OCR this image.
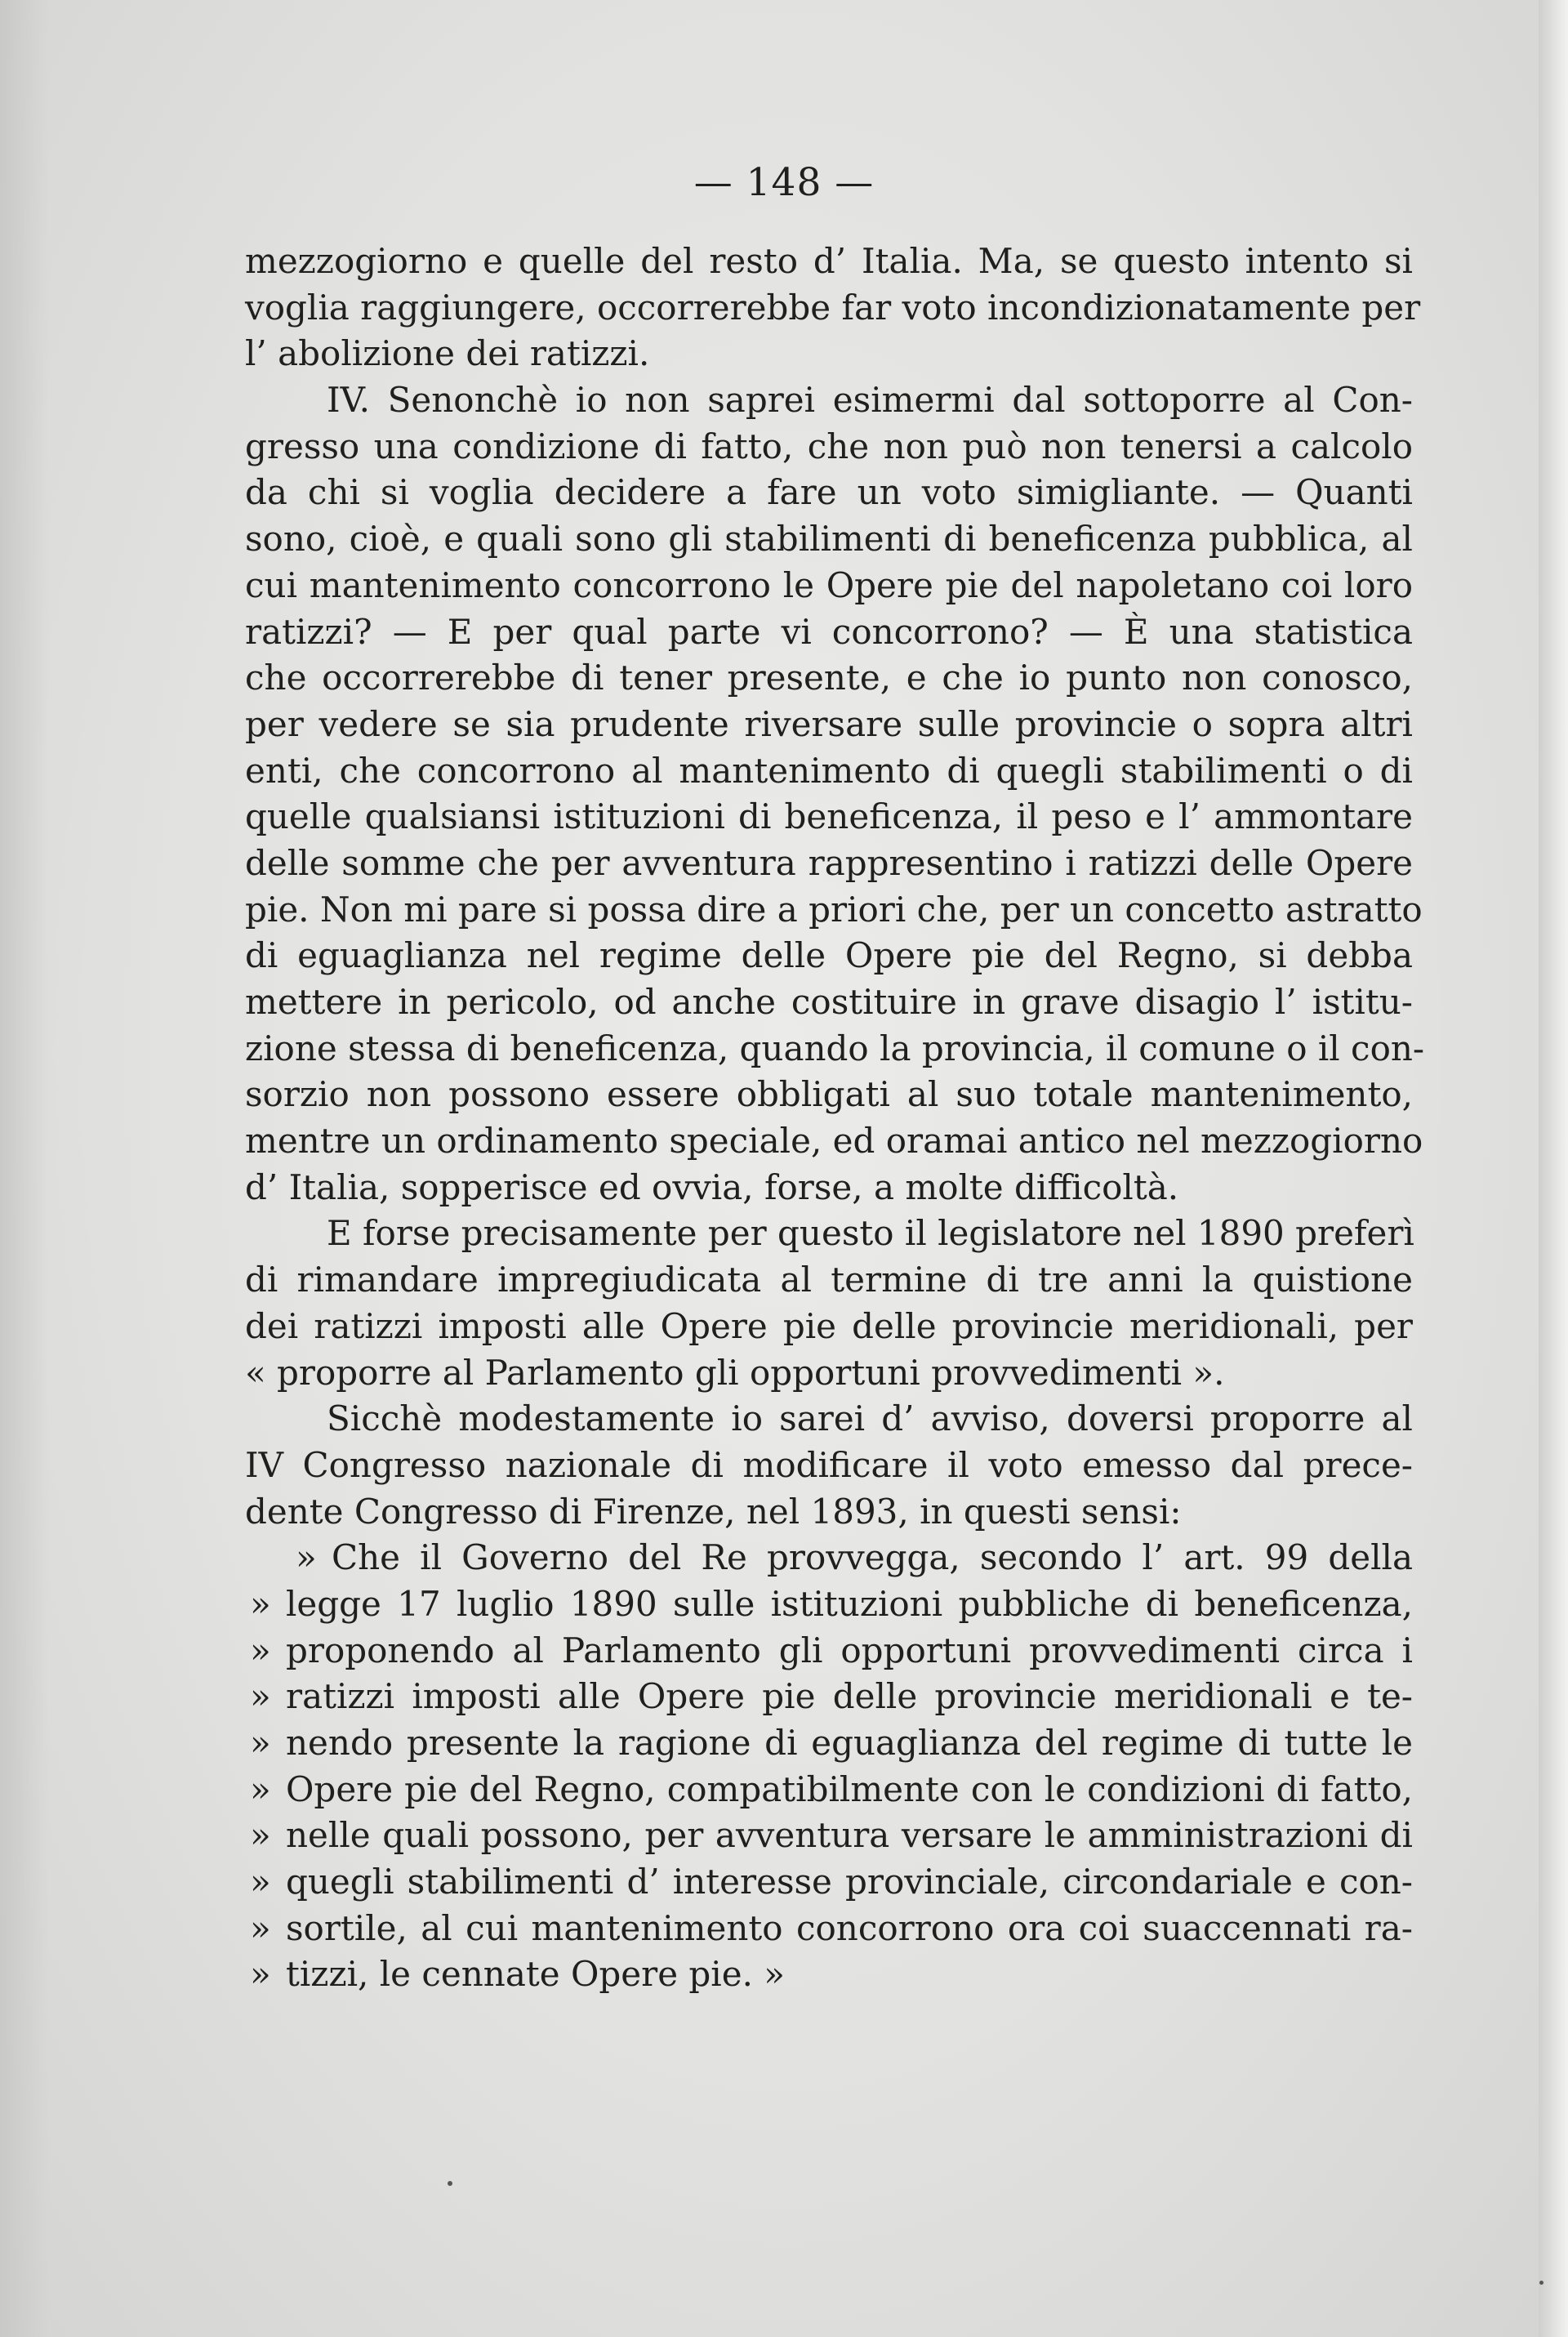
— 148 —
mezzogiorno e quelle del resto d’ Italia. Ma, se questo intento si
voglia raggiungere, occorrerebbe far voto incondizionatamente per
l’ abolizione dei ratizzi.
IV. Senonchè io non saprei esimermi dal sottoporre al Con-
gresso una condizione di fatto, che non può non tenersi a calcolo
da chi si voglia decidere a fare un voto simigliante. — Quanti
sono, cioè, e quali sono gli stabilimenti di beneficenza pubblica, al
cui mantenimento concorrono le Opere pie del napoletano coi loro
ratizzi? — E per qual parte vi concorrono? — È una statistica
che occorrerebbe di tener presente, e che io punto non conosco,
per vedere se sia prudente riversare sulle provincie o sopra altri
enti, che concorrono al mantenimento di quegli stabilimenti o di
quelle qualsiansi istituzioni di beneficenza, il peso e l’ ammontare
delle somme che per avventura rappresentino i ratizzi delle Opere
pie. Non mi pare si possa dire a priori che, per un concetto astratto
di eguaglianza nel regime delle Opere pie del Regno, si debba
mettere in pericolo, od anche costituire in grave disagio l’ istitu-
zione stessa di beneficenza, quando la provincia, il comune o il con-
sorzio non possono essere obbligati al suo totale mantenimento,
mentre un ordinamento speciale, ed oramai antico nel mezzogiorno
d’ Italia, sopperisce ed ovvia, forse, a molte difficoltà.
E forse precisamente per questo il legislatore nel 1890 preferì
di rimandare impregiudicata al termine di tre anni la quistione
dei ratizzi imposti alle Opere pie delle provincie meridionali, per
« proporre al Parlamento gli opportuni provvedimenti ».
Sicchè modestamente io sarei d’ avviso, doversi proporre al
IV Congresso nazionale di modificare il voto emesso dal prece-
dente Congresso di Firenze, nel 1893, in questi sensi:
» Che il Governo del Re provvegga, secondo l’ art. 99 della
» legge 17 luglio 1890 sulle istituzioni pubbliche di beneficenza,
» proponendo al Parlamento gli opportuni provvedimenti circa i
» ratizzi imposti alle Opere pie delle provincie meridionali e te-
» nendo presente la ragione di eguaglianza del regime di tutte le
» Opere pie del Regno, compatibilmente con le condizioni di fatto,
» nelle quali possono, per avventura versare le amministrazioni di
» quegli stabilimenti d’ interesse provinciale, circondariale e con-
» sortile, al cui mantenimento concorrono ora coi suaccennati ra-
» tizzi, le cennate Opere pie. »
